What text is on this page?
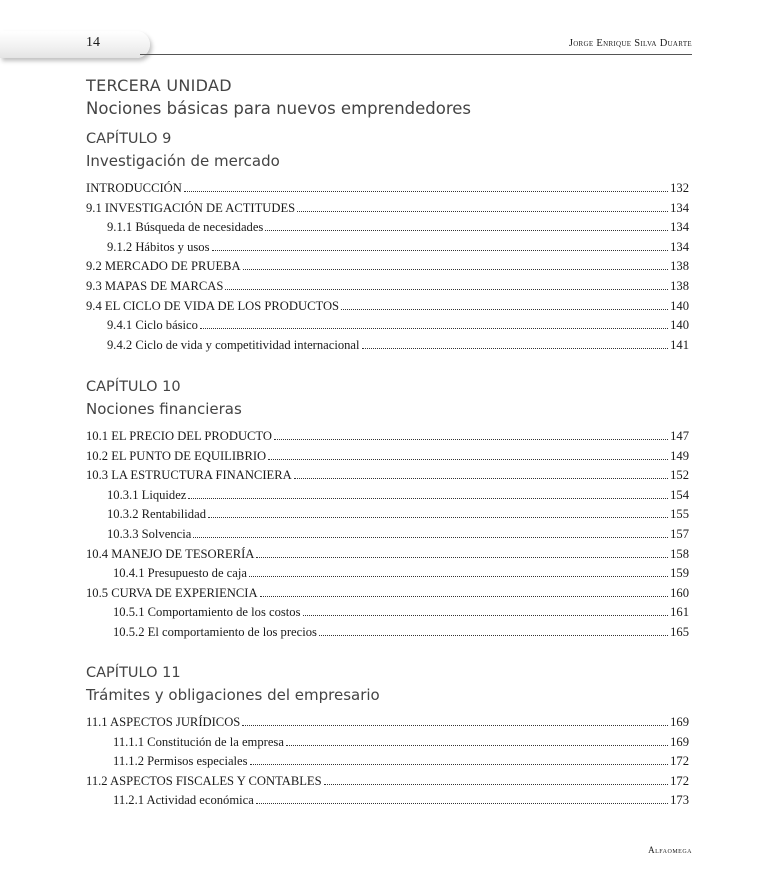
14	Jorge Enrique Silva Duarte
TERCERA UNIDAD
Nociones básicas para nuevos emprendedores
CAPÍTULO 9
Investigación de mercado
INTRODUCCIÓN	132
9.1 INVESTIGACIÓN DE ACTITUDES	134
9.1.1 Búsqueda de necesidades	134
9.1.2 Hábitos y usos	134
9.2 MERCADO DE PRUEBA	138
9.3 MAPAS DE MARCAS	138
9.4 EL CICLO DE VIDA DE LOS PRODUCTOS	140
9.4.1 Ciclo básico	140
9.4.2 Ciclo de vida y competitividad internacional	141
CAPÍTULO 10
Nociones financieras
10.1 EL PRECIO DEL PRODUCTO	147
10.2 EL PUNTO DE EQUILIBRIO	149
10.3 LA ESTRUCTURA FINANCIERA	152
10.3.1 Liquidez	154
10.3.2 Rentabilidad	155
10.3.3 Solvencia	157
10.4 MANEJO DE TESORERÍA	158
10.4.1 Presupuesto de caja	159
10.5 CURVA DE EXPERIENCIA	160
10.5.1 Comportamiento de los costos	161
10.5.2 El comportamiento de los precios	165
CAPÍTULO 11
Trámites y obligaciones del empresario
11.1 ASPECTOS JURÍDICOS	169
11.1.1 Constitución de la empresa	169
11.1.2 Permisos especiales	172
11.2 ASPECTOS FISCALES Y CONTABLES	172
11.2.1 Actividad económica	173
Alfaomega
